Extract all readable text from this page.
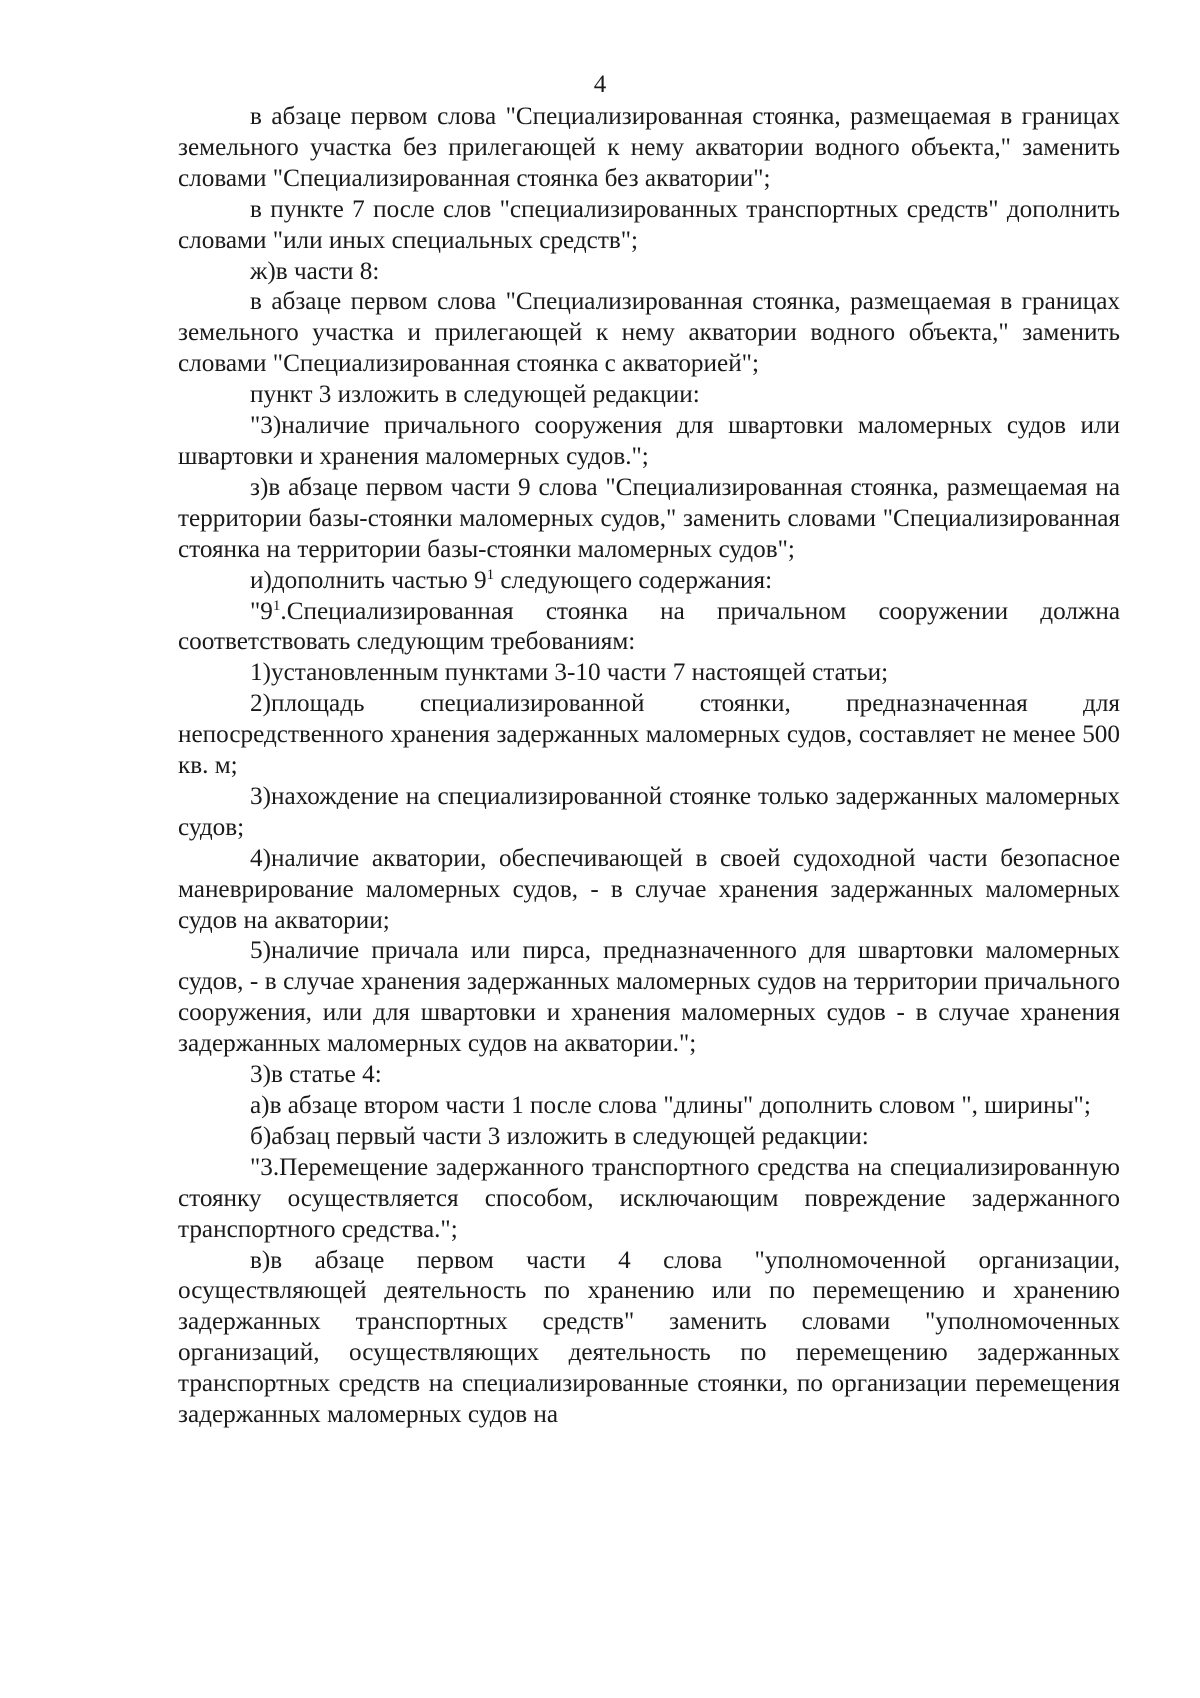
4

в абзаце первом слова "Специализированная стоянка, размещаемая в границах земельного участка без прилегающей к нему акватории водного объекта," заменить словами "Специализированная стоянка без акватории";

в пункте 7 после слов "специализированных транспортных средств" дополнить словами "или иных специальных средств";

ж)в части 8:

в абзаце первом слова "Специализированная стоянка, размещаемая в границах земельного участка и прилегающей к нему акватории водного объекта," заменить словами "Специализированная стоянка с акваторией";

пункт 3 изложить в следующей редакции:

"3)наличие причального сооружения для швартовки маломерных судов или швартовки и хранения маломерных судов.";

з)в абзаце первом части 9 слова "Специализированная стоянка, размещаемая на территории базы-стоянки маломерных судов," заменить словами "Специализированная стоянка на территории базы-стоянки маломерных судов";

и)дополнить частью $9^1$ следующего содержания:

"$9^1.Специализированная$ стоянка на причальном сооружении должна соответствовать следующим требованиям:

1)установленным пунктами 3-10 части 7 настоящей статьи;

2)площадь специализированной стоянки, предназначенная для непосредственного хранения задержанных маломерных судов, составляет не менее 500 кв. м;

3)нахождение на специализированной стоянке только задержанных маломерных судов;

4)наличие акватории, обеспечивающей в своей судоходной части безопасное маневрирование маломерных судов, - в случае хранения задержанных маломерных судов на акватории;

5)наличие причала или пирса, предназначенного для швартовки маломерных судов, - в случае хранения задержанных маломерных судов на территории причального сооружения, или для швартовки и хранения маломерных судов - в случае хранения задержанных маломерных судов на акватории.";

3)в статье 4:

а)в абзаце втором части 1 после слова "длины" дополнить словом ", ширины";

б)абзац первый части 3 изложить в следующей редакции:

"3.Перемещение задержанного транспортного средства на специализированную стоянку осуществляется способом, исключающим повреждение задержанного транспортного средства.";

в)в абзаце первом части 4 слова "уполномоченной организации, осуществляющей деятельность по хранению или по перемещению и хранению задержанных транспортных средств" заменить словами "уполномоченных организаций, осуществляющих деятельность по перемещению задержанных транспортных средств на специализированные стоянки, по организации перемещения задержанных маломерных судов на
